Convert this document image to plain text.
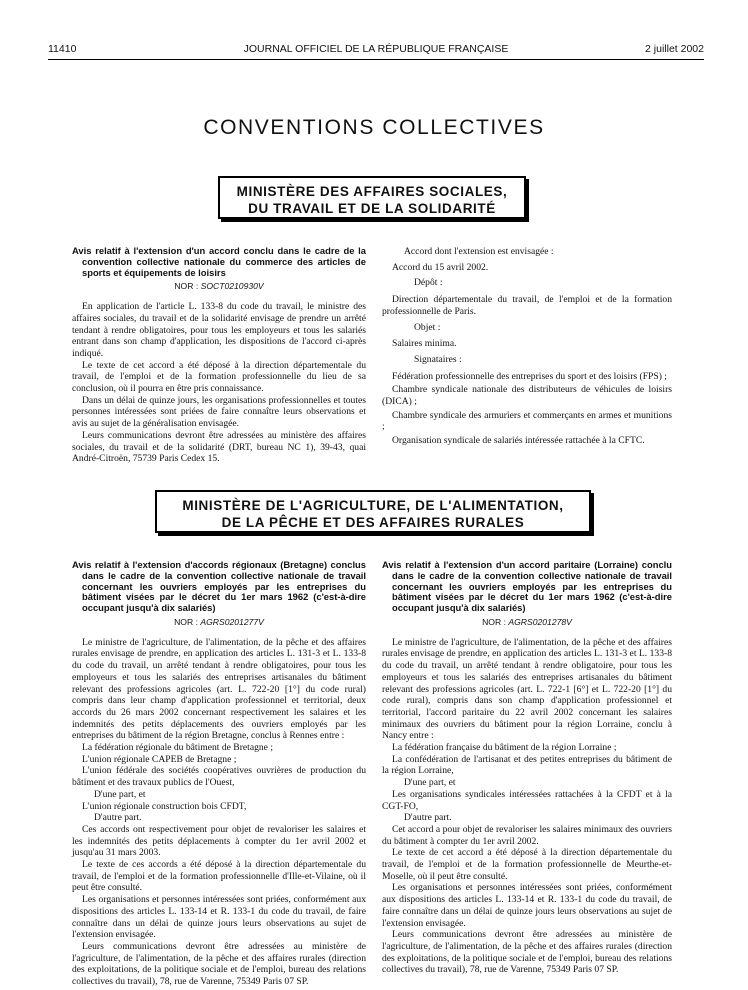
11410	JOURNAL OFFICIEL DE LA RÉPUBLIQUE FRANÇAISE	2 juillet 2002
CONVENTIONS COLLECTIVES
MINISTÈRE DES AFFAIRES SOCIALES,
DU TRAVAIL ET DE LA SOLIDARITÉ
Avis relatif à l'extension d'un accord conclu dans le cadre de la convention collective nationale du commerce des articles de sports et équipements de loisirs
NOR : SOCT0210930V

En application de l'article L. 133-8 du code du travail, le ministre des affaires sociales, du travail et de la solidarité envisage de prendre un arrêté tendant à rendre obligatoires, pour tous les employeurs et tous les salariés entrant dans son champ d'application, les dispositions de l'accord ci-après indiqué.

Le texte de cet accord a été déposé à la direction départementale du travail, de l'emploi et de la formation professionnelle du lieu de sa conclusion, où il pourra en être pris connaissance.

Dans un délai de quinze jours, les organisations professionnelles et toutes personnes intéressées sont priées de faire connaître leurs observations et avis au sujet de la généralisation envisagée.

Leurs communications devront être adressées au ministère des affaires sociales, du travail et de la solidarité (DRT, bureau NC 1), 39-43, quai André-Citroën, 75739 Paris Cedex 15.

Accord dont l'extension est envisagée :

Accord du 15 avril 2002.

Dépôt :

Direction départementale du travail, de l'emploi et de la formation professionnelle de Paris.

Objet :

Salaires minima.

Signataires :

Fédération professionnelle des entreprises du sport et des loisirs (FPS) ;

Chambre syndicale nationale des distributeurs de véhicules de loisirs (DICA) ;

Chambre syndicale des armuriers et commerçants en armes et munitions ;

Organisation syndicale de salariés intéressée rattachée à la CFTC.

MINISTÈRE DE L'AGRICULTURE, DE L'ALIMENTATION,
DE LA PÊCHE ET DES AFFAIRES RURALES
Avis relatif à l'extension d'accords régionaux (Bretagne) conclus dans le cadre de la convention collective nationale de travail concernant les ouvriers employés par les entreprises du bâtiment visées par le décret du 1er mars 1962 (c'est-à-dire occupant jusqu'à dix salariés)
NOR : AGRS0201277V

Le ministre de l'agriculture, de l'alimentation, de la pêche et des affaires rurales envisage de prendre, en application des articles L. 131-3 et L. 133-8 du code du travail, un arrêté tendant à rendre obligatoires, pour tous les employeurs et tous les salariés des entreprises artisanales du bâtiment relevant des professions agricoles (art. L. 722-20 [1°] du code rural) compris dans leur champ d'application professionnel et territorial, deux accords du 26 mars 2002 concernant respectivement les salaires et les indemnités des petits déplacements des ouvriers employés par les entreprises du bâtiment de la région Bretagne, conclus à Rennes entre :

La fédération régionale du bâtiment de Bretagne ;

L'union régionale CAPEB de Bretagne ;

L'union fédérale des sociétés coopératives ouvrières de production du bâtiment et des travaux publics de l'Ouest,

D'une part, et

L'union régionale construction bois CFDT,

D'autre part.

Ces accords ont respectivement pour objet de revaloriser les salaires et les indemnités des petits déplacements à compter du 1er avril 2002 et jusqu'au 31 mars 2003.

Le texte de ces accords a été déposé à la direction départementale du travail, de l'emploi et de la formation professionnelle d'Ille-et-Vilaine, où il peut être consulté.

Les organisations et personnes intéressées sont priées, conformément aux dispositions des articles L. 133-14 et R. 133-1 du code du travail, de faire connaître dans un délai de quinze jours leurs observations au sujet de l'extension envisagée.

Leurs communications devront être adressées au ministère de l'agriculture, de l'alimentation, de la pêche et des affaires rurales (direction des exploitations, de la politique sociale et de l'emploi, bureau des relations collectives du travail), 78, rue de Varenne, 75349 Paris 07 SP.

Avis relatif à l'extension d'un accord paritaire (Lorraine) conclu dans le cadre de la convention collective nationale de travail concernant les ouvriers employés par les entreprises du bâtiment visées par le décret du 1er mars 1962 (c'est-à-dire occupant jusqu'à dix salariés)
NOR : AGRS0201278V

Le ministre de l'agriculture, de l'alimentation, de la pêche et des affaires rurales envisage de prendre, en application des articles L. 131-3 et L. 133-8 du code du travail, un arrêté tendant à rendre obligatoire, pour tous les employeurs et tous les salariés des entreprises artisanales du bâtiment relevant des professions agricoles (art. L. 722-1 [6°] et L. 722-20 [1°] du code rural), compris dans son champ d'application professionnel et territorial, l'accord paritaire du 22 avril 2002 concernant les salaires minimaux des ouvriers du bâtiment pour la région Lorraine, conclu à Nancy entre :

La fédération française du bâtiment de la région Lorraine ;

La confédération de l'artisanat et des petites entreprises du bâtiment de la région Lorraine,

D'une part, et

Les organisations syndicales intéressées rattachées à la CFDT et à la CGT-FO,

D'autre part.

Cet accord a pour objet de revaloriser les salaires minimaux des ouvriers du bâtiment à compter du 1er avril 2002.

Le texte de cet accord a été déposé à la direction départementale du travail, de l'emploi et de la formation professionnelle de Meurthe-et-Moselle, où il peut être consulté.

Les organisations et personnes intéressées sont priées, conformément aux dispositions des articles L. 133-14 et R. 133-1 du code du travail, de faire connaître dans un délai de quinze jours leurs observations au sujet de l'extension envisagée.

Leurs communications devront être adressées au ministère de l'agriculture, de l'alimentation, de la pêche et des affaires rurales (direction des exploitations, de la politique sociale et de l'emploi, bureau des relations collectives du travail), 78, rue de Varenne, 75349 Paris 07 SP.
